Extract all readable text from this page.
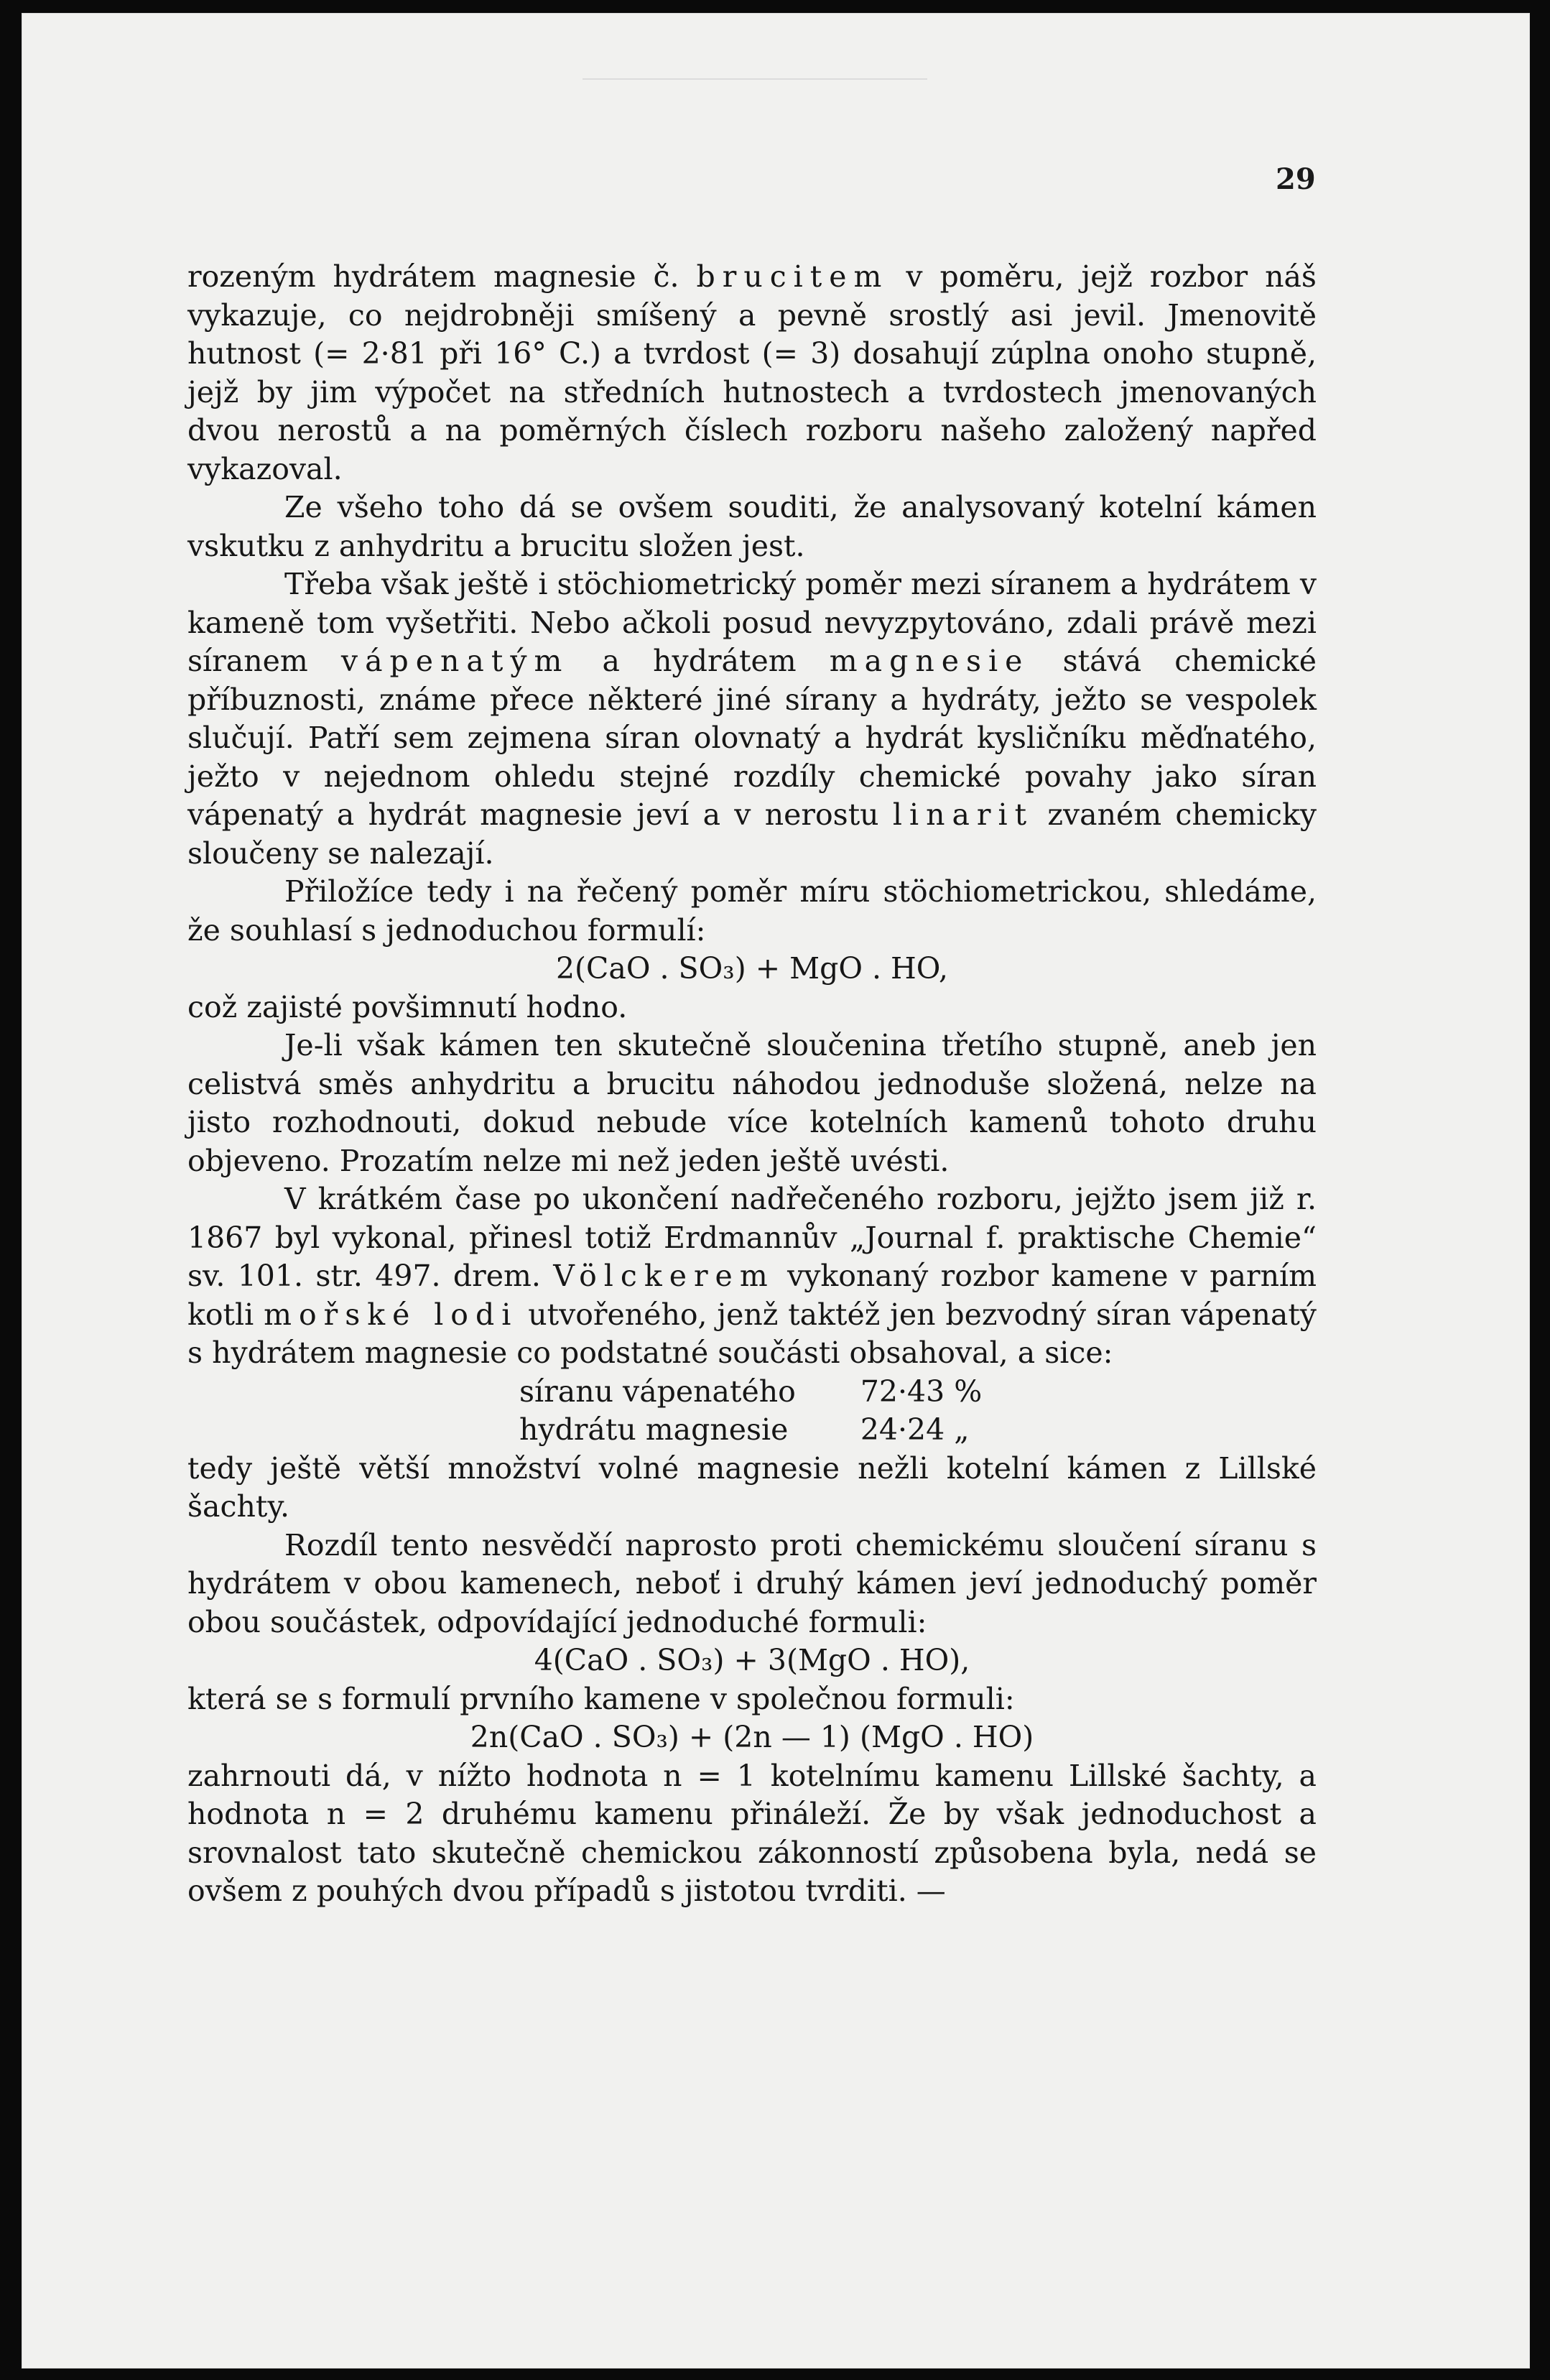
29

rozeným hydrátem magnesie č. brucitem v poměru, jejž rozbor náš vykazuje, co nejdrobněji smíšený a pevně srostlý asi jevil. Jmenovitě hutnost (= 2·81 při 16° C.) a tvrdost (= 3) dosahují zúplna onoho stupně, jejž by jim výpočet na středních hutnostech a tvrdostech jmenovaných dvou nerostů a na poměrných číslech rozboru našeho založený napřed vykazoval.

Ze všeho toho dá se ovšem souditi, že analysovaný kotelní kámen vskutku z anhydritu a brucitu složen jest.

Třeba však ještě i stöchiometrický poměr mezi síranem a hydrátem v kameně tom vyšetřiti. Nebo ačkoli posud nevyzpytováno, zdali právě mezi síranem vápenatým a hydrátem magnesie stává chemické příbuznosti, známe přece některé jiné sírany a hydráty, ježto se vespolek slučují. Patří sem zejmena síran olovnatý a hydrát kysličníku měďnatého, ježto v nejednom ohledu stejné rozdíly chemické povahy jako síran vápenatý a hydrát magnesie jeví a v nerostu linarit zvaném chemicky sloučeny se nalezají.

Přiložíce tedy i na řečený poměr míru stöchiometrickou, shledáme, že souhlasí s jednoduchou formulí:

2(CaO . SO₃) + MgO . HO,

což zajisté povšimnutí hodno.

Je-li však kámen ten skutečně sloučenina třetího stupně, aneb jen celistvá směs anhydritu a brucitu náhodou jednoduše složená, nelze na jisto rozhodnouti, dokud nebude více kotelních kamenů tohoto druhu objeveno. Prozatím nelze mi než jeden ještě uvésti.

V krátkém čase po ukončení nadřečeného rozboru, jejžto jsem již r. 1867 byl vykonal, přinesl totiž Erdmannův „Journal f. praktische Chemie“ sv. 101. str. 497. drem. Völckerem vykonaný rozbor kamene v parním kotli mořské lodi utvořeného, jenž taktéž jen bezvodný síran vápenatý s hydrátem magnesie co podstatné součásti obsahoval, a sice:

síranu vápenatého	72·43 %
hydrátu magnesie	24·24 „

tedy ještě větší množství volné magnesie nežli kotelní kámen z Lillské šachty.

Rozdíl tento nesvědčí naprosto proti chemickému sloučení síranu s hydrátem v obou kamenech, neboť i druhý kámen jeví jednoduchý poměr obou součástek, odpovídající jednoduché formuli:

4(CaO . SO₃) + 3(MgO . HO),

která se s formulí prvního kamene v společnou formuli:

2n(CaO . SO₃) + (2n — 1) (MgO . HO)

zahrnouti dá, v nížto hodnota n = 1 kotelnímu kamenu Lillské šachty, a hodnota n = 2 druhému kamenu přináleží. Že by však jednoduchost a srovnalost tato skutečně chemickou zákonností způsobena byla, nedá se ovšem z pouhých dvou případů s jistotou tvrditi. —
